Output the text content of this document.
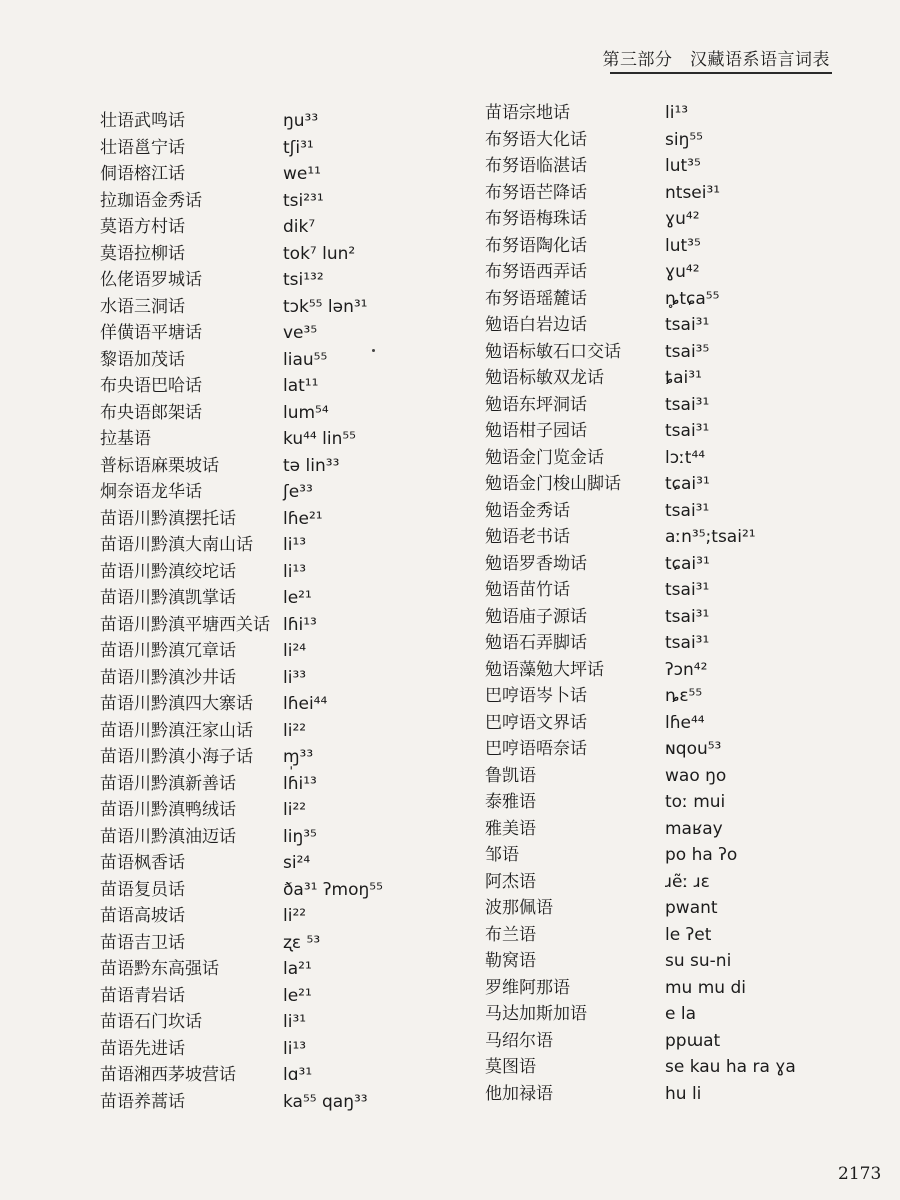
第三部分　汉藏语系语言词表
壮语武鸣话	ŋu³³
壮语邕宁话	tʃi³¹
侗语榕江话	we¹¹
拉珈语金秀话	tsi²³¹
莫语方村话	dik⁷
莫语拉柳话	tok⁷ lun²
仫佬语罗城话	tsi¹³²
水语三洞话	tɔk⁵⁵ lən³¹
佯僙语平塘话	ve³⁵
黎语加茂话	liau⁵⁵
布央语巴哈话	lat¹¹
布央语郎架话	lum⁵⁴
拉基语	ku⁴⁴ lin⁵⁵
普标语麻栗坡话	tə lin³³
炯奈语龙华话	ʃe³³
苗语川黔滇摆托话	lɦe²¹
苗语川黔滇大南山话 li¹³
苗语川黔滇绞坨话	li¹³
苗语川黔滇凯掌话	le²¹
苗语川黔滇平塘西关话 lɦi¹³
苗语川黔滇冗章话	li²⁴
苗语川黔滇沙井话	li³³
苗语川黔滇四大寨话 lɦei⁴⁴
苗语川黔滇汪家山话 li²²
苗语川黔滇小海子话 ɱ̩³³
苗语川黔滇新善话	lɦi¹³
苗语川黔滇鸭绒话	li²²
苗语川黔滇油迈话	liŋ³⁵
苗语枫香话	si²⁴
苗语复员话	ða³¹ ʔmoŋ⁵⁵
苗语高坡话	li²²
苗语吉卫话	ʐɛ ⁵³
苗语黔东高强话	la²¹
苗语青岩话	le²¹
苗语石门坎话	li³¹
苗语先进话	li¹³
苗语湘西茅坡营话	lɑ³¹
苗语养蒿话	ka⁵⁵ qaŋ³³
苗语宗地话	li¹³
布努语大化话	siŋ⁵⁵
布努语临湛话	lut³⁵
布努语芒降话	ntsei³¹
布努语梅珠话	ɣu⁴²
布努语陶化话	lut³⁵
布努语西弄话	ɣu⁴²
布努语瑶麓话	ȵ̥tɕa⁵⁵
勉语白岩边话	tsai³¹
勉语标敏石口交话	tsai³⁵
勉语标敏双龙话	ȶai³¹
勉语东坪洞话	tsai³¹
勉语柑子园话	tsai³¹
勉语金门览金话	lɔːt⁴⁴
勉语金门梭山脚话	tɕai³¹
勉语金秀话	tsai³¹
勉语老书话	aːn³⁵;tsai²¹
勉语罗香坳话	tɕai³¹
勉语苗竹话	tsai³¹
勉语庙子源话	tsai³¹
勉语石弄脚话	tsai³¹
勉语藻勉大坪话	ʔɔn⁴²
巴哼语岑卜话	ȵɛ⁵⁵
巴哼语文界话	lɦe⁴⁴
巴哼语唔奈话	ɴqou⁵³
鲁凯语	wao ŋo
泰雅语	toː mui
雅美语	maʁay
邹语	po ha ʔo
阿杰语	ɹẽː ɹɛ
波那佩语	pwant
布兰语	le ʔet
勒窝语	su su-ni
罗维阿那语	mu mu di
马达加斯加语	e la
马绍尔语	ppɯat
莫图语	se kau ha ra ɣa
他加禄语	hu li
2173
